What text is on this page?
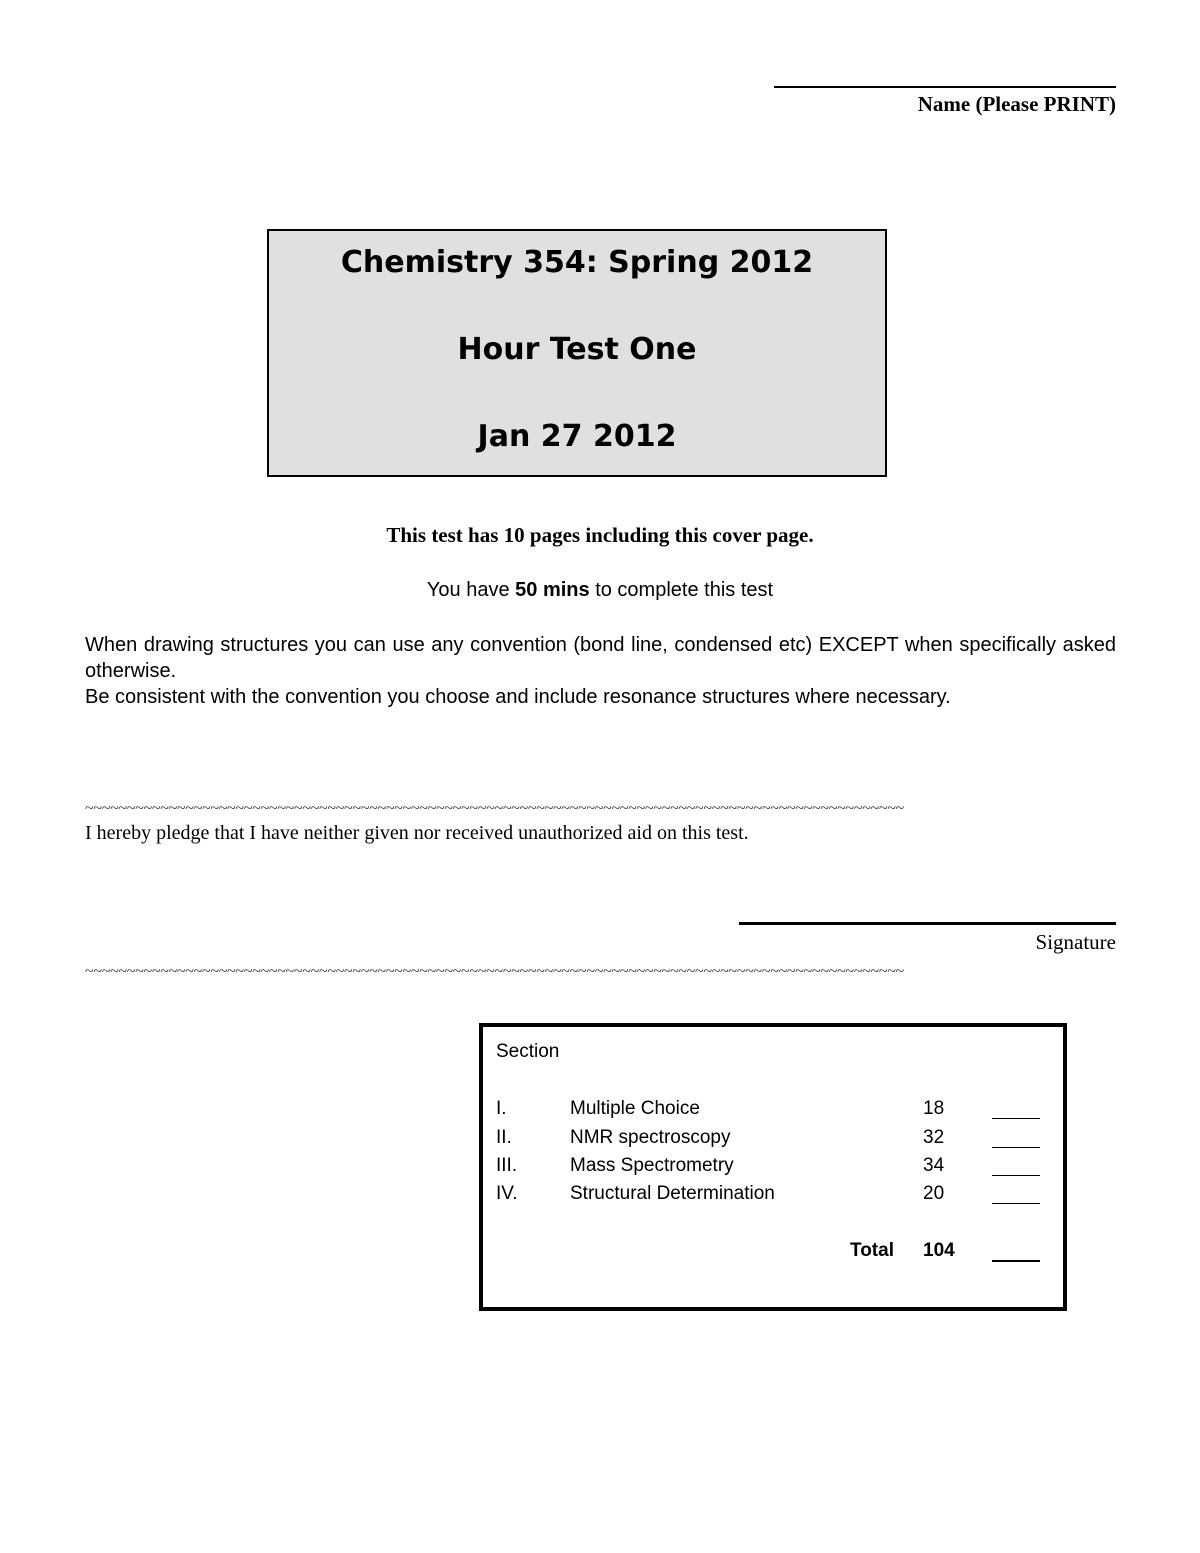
Name (Please PRINT)
Chemistry 354: Spring 2012
Hour Test One
Jan 27 2012
This test has 10 pages including this cover page.
You have 50 mins to complete this test

When drawing structures you can use any convention (bond line, condensed etc) EXCEPT when specifically asked otherwise.

Be consistent with the convention you choose and include resonance structures where necessary.

~~~~~~~~~~~~~~~~~~~~~~~~~~~~~~~~~~~~~~~~~~~~~~~~~~~~~~~~~~~~~~~~~~~~~~~~~~~~~~~~~~~~~~~~~~~~~~~~~~
I hereby pledge that I have neither given nor received unauthorized aid on this test.
Signature
~~~~~~~~~~~~~~~~~~~~~~~~~~~~~~~~~~~~~~~~~~~~~~~~~~~~~~~~~~~~~~~~~~~~~~~~~~~~~~~~~~~~~~~~~~~~~~~~~~
Section
I.	Multiple Choice	18
II.	NMR spectroscopy	32
III.	Mass Spectrometry	34
IV.	Structural Determination	20
Total 104
